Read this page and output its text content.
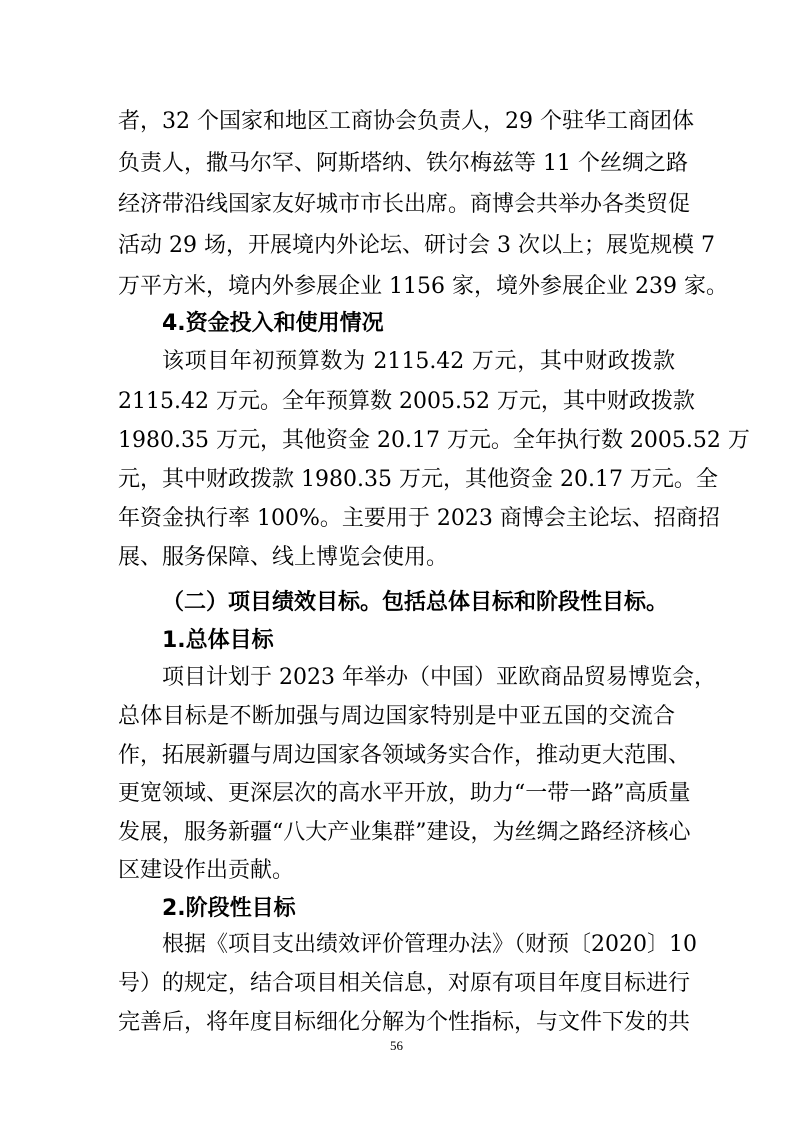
者，32 个国家和地区工商协会负责人，29 个驻华工商团体
负责人，撒马尔罕、阿斯塔纳、铁尔梅兹等 11 个丝绸之路
经济带沿线国家友好城市市长出席。商博会共举办各类贸促
活动 29 场，开展境内外论坛、研讨会 3 次以上；展览规模 7
万平方米，境内外参展企业 1156 家，境外参展企业 239 家。
4.资金投入和使用情况
该项目年初预算数为 2115.42 万元，其中财政拨款
2115.42 万元。全年预算数 2005.52 万元，其中财政拨款
1980.35 万元，其他资金 20.17 万元。全年执行数 2005.52 万
元，其中财政拨款 1980.35 万元，其他资金 20.17 万元。全
年资金执行率 100%。主要用于 2023 商博会主论坛、招商招
展、服务保障、线上博览会使用。
（二）项目绩效目标。包括总体目标和阶段性目标。
1.总体目标
项目计划于 2023 年举办（中国）亚欧商品贸易博览会，
总体目标是不断加强与周边国家特别是中亚五国的交流合
作，拓展新疆与周边国家各领域务实合作，推动更大范围、
更宽领域、更深层次的高水平开放，助力“一带一路”高质量
发展，服务新疆“八大产业集群”建设，为丝绸之路经济核心
区建设作出贡献。
2.阶段性目标
根据《项目支出绩效评价管理办法》（财预〔2020〕10
号）的规定，结合项目相关信息，对原有项目年度目标进行
完善后，将年度目标细化分解为个性指标，与文件下发的共
56
